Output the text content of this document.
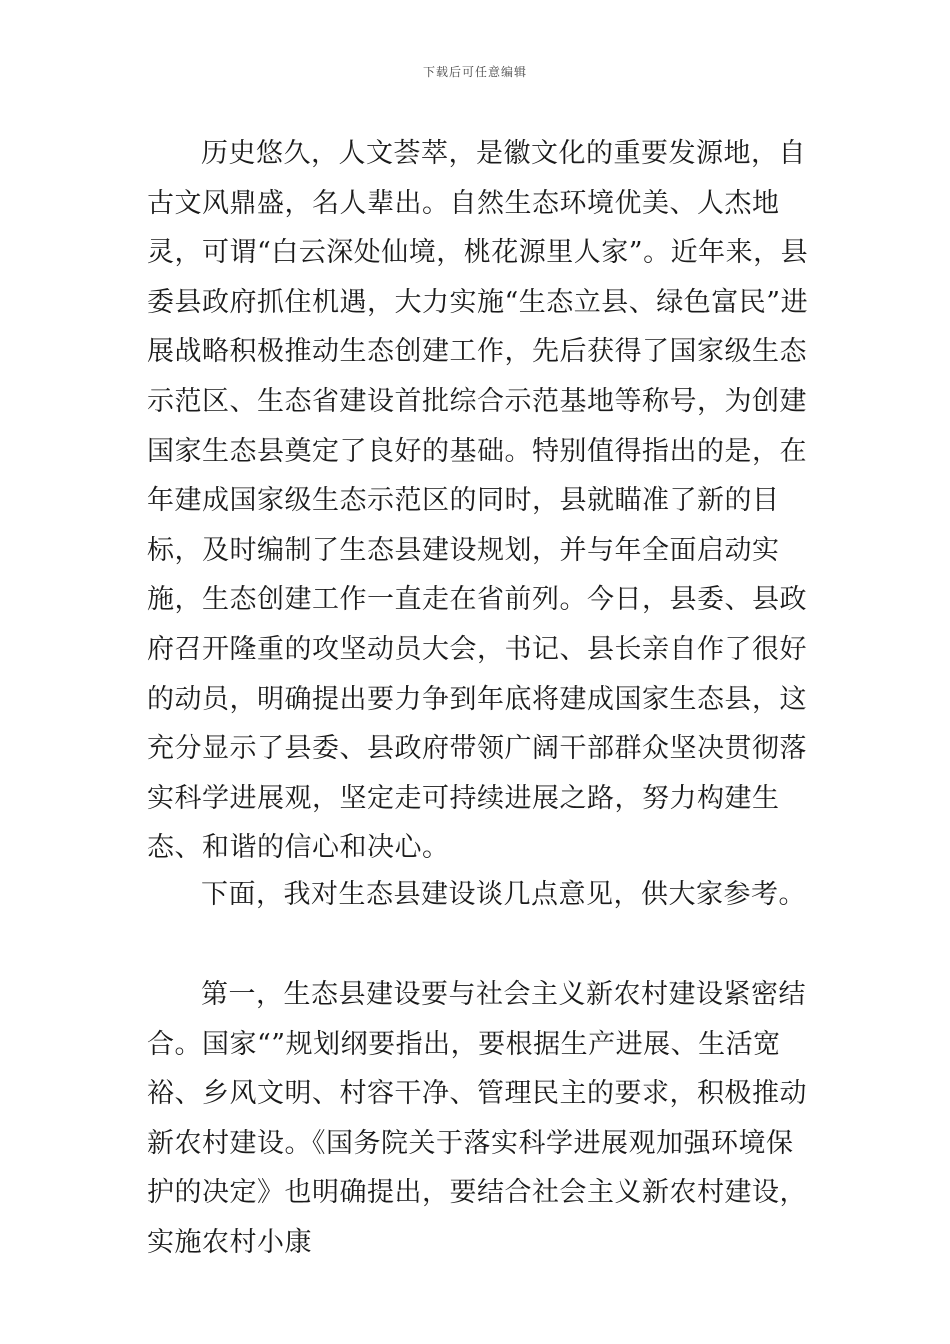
下载后可任意编辑

历史悠久，人文荟萃，是徽文化的重要发源地，自古文风鼎盛，名人辈出。自然生态环境优美、人杰地灵，可谓“白云深处仙境，桃花源里人家”。近年来，县委县政府抓住机遇，大力实施“生态立县、绿色富民”进展战略积极推动生态创建工作，先后获得了国家级生态示范区、生态省建设首批综合示范基地等称号，为创建国家生态县奠定了良好的基础。特别值得指出的是，在年建成国家级生态示范区的同时，县就瞄准了新的目标，及时编制了生态县建设规划，并与年全面启动实施，生态创建工作一直走在省前列。今日，县委、县政府召开隆重的攻坚动员大会，书记、县长亲自作了很好的动员，明确提出要力争到年底将建成国家生态县，这充分显示了县委、县政府带领广阔干部群众坚决贯彻落实科学进展观，坚定走可持续进展之路，努力构建生态、和谐的信心和决心。

下面，我对生态县建设谈几点意见，供大家参考。

第一，生态县建设要与社会主义新农村建设紧密结合。国家“”规划纲要指出，要根据生产进展、生活宽裕、乡风文明、村容干净、管理民主的要求，积极推动新农村建设。《国务院关于落实科学进展观加强环境保护的决定》也明确提出，要结合社会主义新农村建设，实施农村小康
